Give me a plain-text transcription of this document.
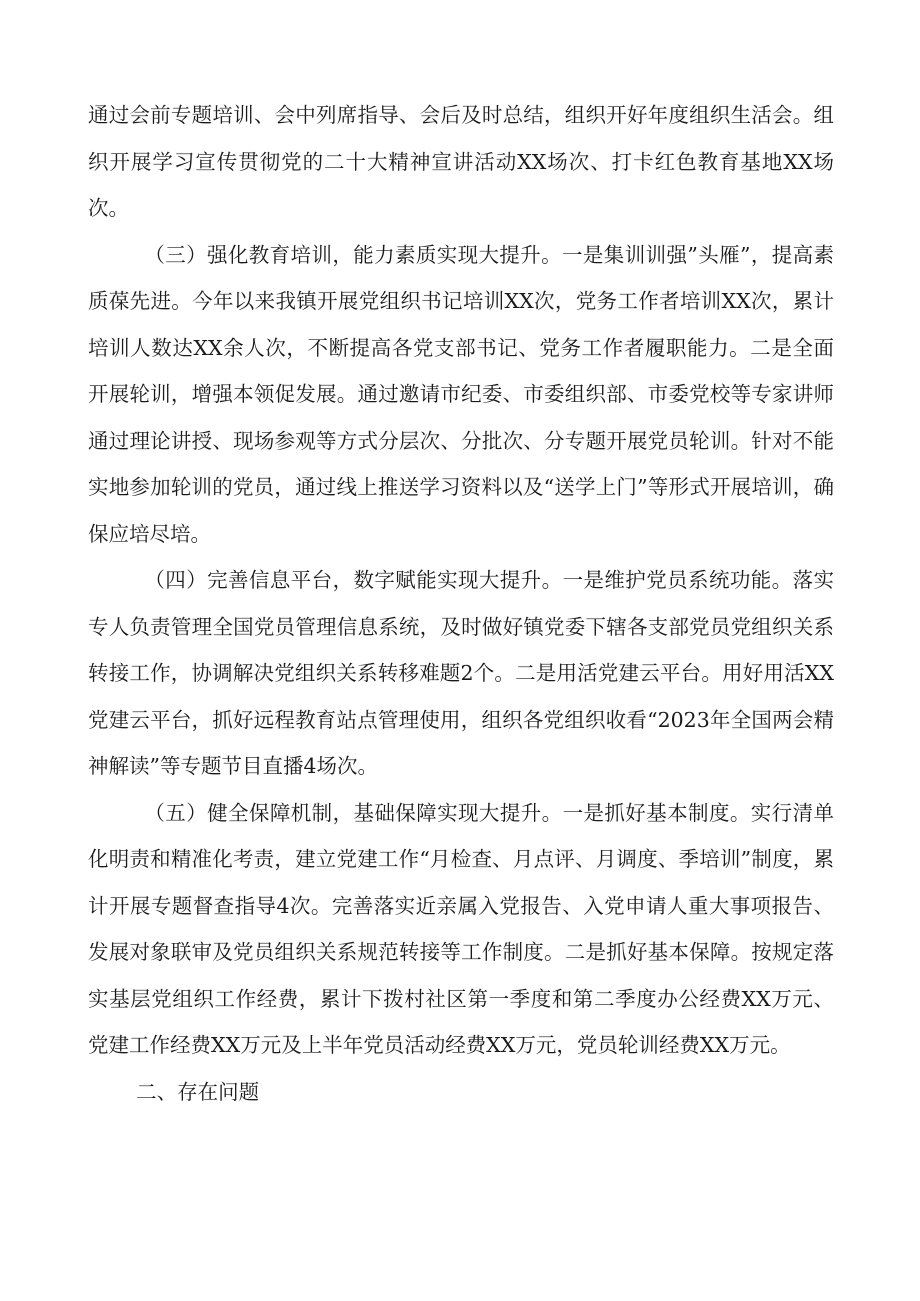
通过会前专题培训、会中列席指导、会后及时总结，组织开好年度组织生活会。组织开展学习宣传贯彻党的二十大精神宣讲活动XX场次、打卡红色教育基地XX场次。

（三）强化教育培训，能力素质实现大提升。一是集训训强”头雁”，提高素质葆先进。今年以来我镇开展党组织书记培训XX次，党务工作者培训XX次，累计培训人数达XX余人次，不断提高各党支部书记、党务工作者履职能力。二是全面开展轮训，增强本领促发展。通过邀请市纪委、市委组织部、市委党校等专家讲师通过理论讲授、现场参观等方式分层次、分批次、分专题开展党员轮训。针对不能实地参加轮训的党员，通过线上推送学习资料以及“送学上门”等形式开展培训，确保应培尽培。

（四）完善信息平台，数字赋能实现大提升。一是维护党员系统功能。落实专人负责管理全国党员管理信息系统，及时做好镇党委下辖各支部党员党组织关系转接工作，协调解决党组织关系转移难题2个。二是用活党建云平台。用好用活XX党建云平台，抓好远程教育站点管理使用，组织各党组织收看“2023年全国两会精神解读”等专题节目直播4场次。

（五）健全保障机制，基础保障实现大提升。一是抓好基本制度。实行清单化明责和精准化考责，建立党建工作“月检查、月点评、月调度、季培训”制度，累计开展专题督查指导4次。完善落实近亲属入党报告、入党申请人重大事项报告、发展对象联审及党员组织关系规范转接等工作制度。二是抓好基本保障。按规定落实基层党组织工作经费，累计下拨村社区第一季度和第二季度办公经费XX万元、党建工作经费XX万元及上半年党员活动经费XX万元，党员轮训经费XX万元。

二、存在问题
